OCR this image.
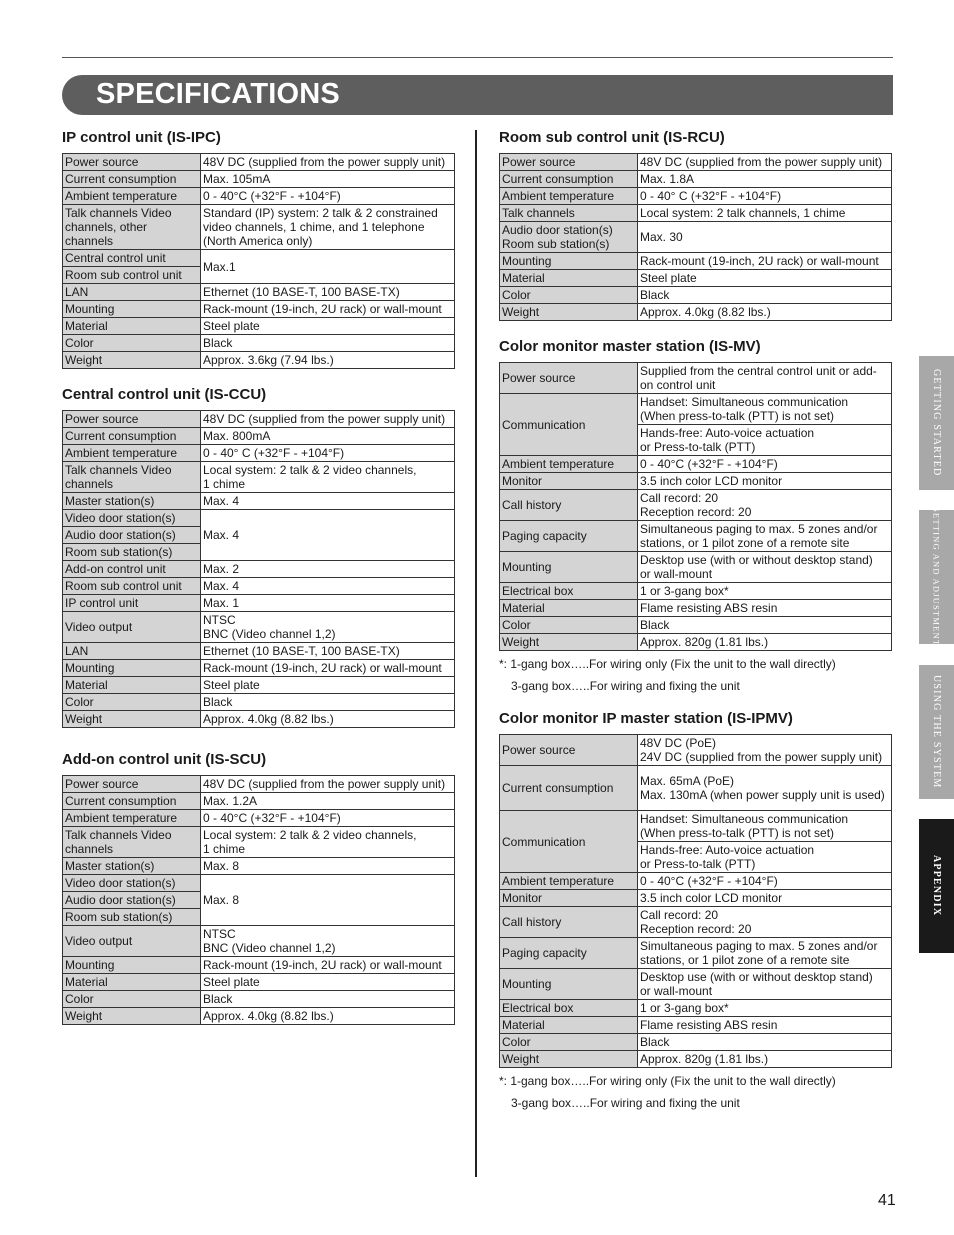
SPECIFICATIONS
IP control unit (IS-IPC)
Power source	48V DC (supplied from the power supply unit)
Current consumption	Max. 105mA
Ambient temperature	0 - 40°C (+32°F - +104°F)
Talk channels Video channels, other channels	Standard (IP) system: 2 talk & 2 constrained video channels, 1 chime, and 1 telephone (North America only)
Central control unit	Max.1
Room sub control unit	
LAN	Ethernet (10 BASE-T, 100 BASE-TX)
Mounting	Rack-mount (19-inch, 2U rack) or wall-mount
Material	Steel plate
Color	Black
Weight	Approx. 3.6kg (7.94 lbs.)
Central control unit (IS-CCU)
Power source	48V DC (supplied from the power supply unit)
Current consumption	Max. 800mA
Ambient temperature	0 - 40° C (+32°F - +104°F)
Talk channels Video channels	Local system: 2 talk & 2 video channels,
1 chime
Master station(s)	Max. 4
Video door station(s)	Max. 4
Audio door station(s)	
Room sub station(s)	
Add-on control unit	Max. 2
Room sub control unit	Max. 4
IP control unit	Max. 1
Video output	NTSC
BNC (Video channel 1,2)
LAN	Ethernet (10 BASE-T, 100 BASE-TX)
Mounting	Rack-mount (19-inch, 2U rack) or wall-mount
Material	Steel plate
Color	Black
Weight	Approx. 4.0kg (8.82 lbs.)
Add-on control unit (IS-SCU)
Power source	48V DC (supplied from the power supply unit)
Current consumption	Max. 1.2A
Ambient temperature	0 - 40°C (+32°F - +104°F)
Talk channels Video channels	Local system: 2 talk & 2 video channels,
1 chime
Master station(s)	Max. 8
Video door station(s)	Max. 8
Audio door station(s)	
Room sub station(s)	
Video output	NTSC
BNC (Video channel 1,2)
Mounting	Rack-mount (19-inch, 2U rack) or wall-mount
Material	Steel plate
Color	Black
Weight	Approx. 4.0kg (8.82 lbs.)
Room sub control unit (IS-RCU)
Power source	48V DC (supplied from the power supply unit)
Current consumption	Max. 1.8A
Ambient temperature	0 - 40° C (+32°F - +104°F)
Talk channels	Local system: 2 talk channels, 1 chime
Audio door station(s)
Room sub station(s)	Max. 30
Mounting	Rack-mount (19-inch, 2U rack) or wall-mount
Material	Steel plate
Color	Black
Weight	Approx. 4.0kg (8.82 lbs.)
Color monitor master station (IS-MV)
Power source	Supplied from the central control unit or add-on control unit
Communication	Handset: Simultaneous communication
(When press-to-talk (PTT) is not set)
	Hands-free: Auto-voice actuation
or Press-to-talk (PTT)
Ambient temperature	0 - 40°C (+32°F - +104°F)
Monitor	3.5 inch color LCD monitor
Call history	Call record: 20
Reception record: 20
Paging capacity	Simultaneous paging to max. 5 zones and/or stations, or 1 pilot zone of a remote site
Mounting	Desktop use (with or without desktop stand)
or wall-mount
Electrical box	1 or 3-gang box*
Material	Flame resisting ABS resin
Color	Black
Weight	Approx. 820g (1.81 lbs.)

*: 1-gang box…..For wiring only (Fix the unit to the wall directly)

3-gang box…..For wiring and fixing the unit

Color monitor IP master station (IS-IPMV)
Power source	48V DC (PoE)
24V DC (supplied from the power supply unit)
Current consumption	Max. 65mA (PoE)
Max. 130mA (when power supply unit is used)
Communication	Handset: Simultaneous communication
(When press-to-talk (PTT) is not set)
	Hands-free: Auto-voice actuation
or Press-to-talk (PTT)
Ambient temperature	0 - 40°C (+32°F - +104°F)
Monitor	3.5 inch color LCD monitor
Call history	Call record: 20
Reception record: 20
Paging capacity	Simultaneous paging to max. 5 zones and/or stations, or 1 pilot zone of a remote site
Mounting	Desktop use (with or without desktop stand)
or wall-mount
Electrical box	1 or 3-gang box*
Material	Flame resisting ABS resin
Color	Black
Weight	Approx. 820g (1.81 lbs.)

*: 1-gang box…..For wiring only (Fix the unit to the wall directly)

3-gang box…..For wiring and fixing the unit

GETTING STARTED
SETTING AND ADJUSTMENT
USING THE SYSTEM
APPENDIX
41
